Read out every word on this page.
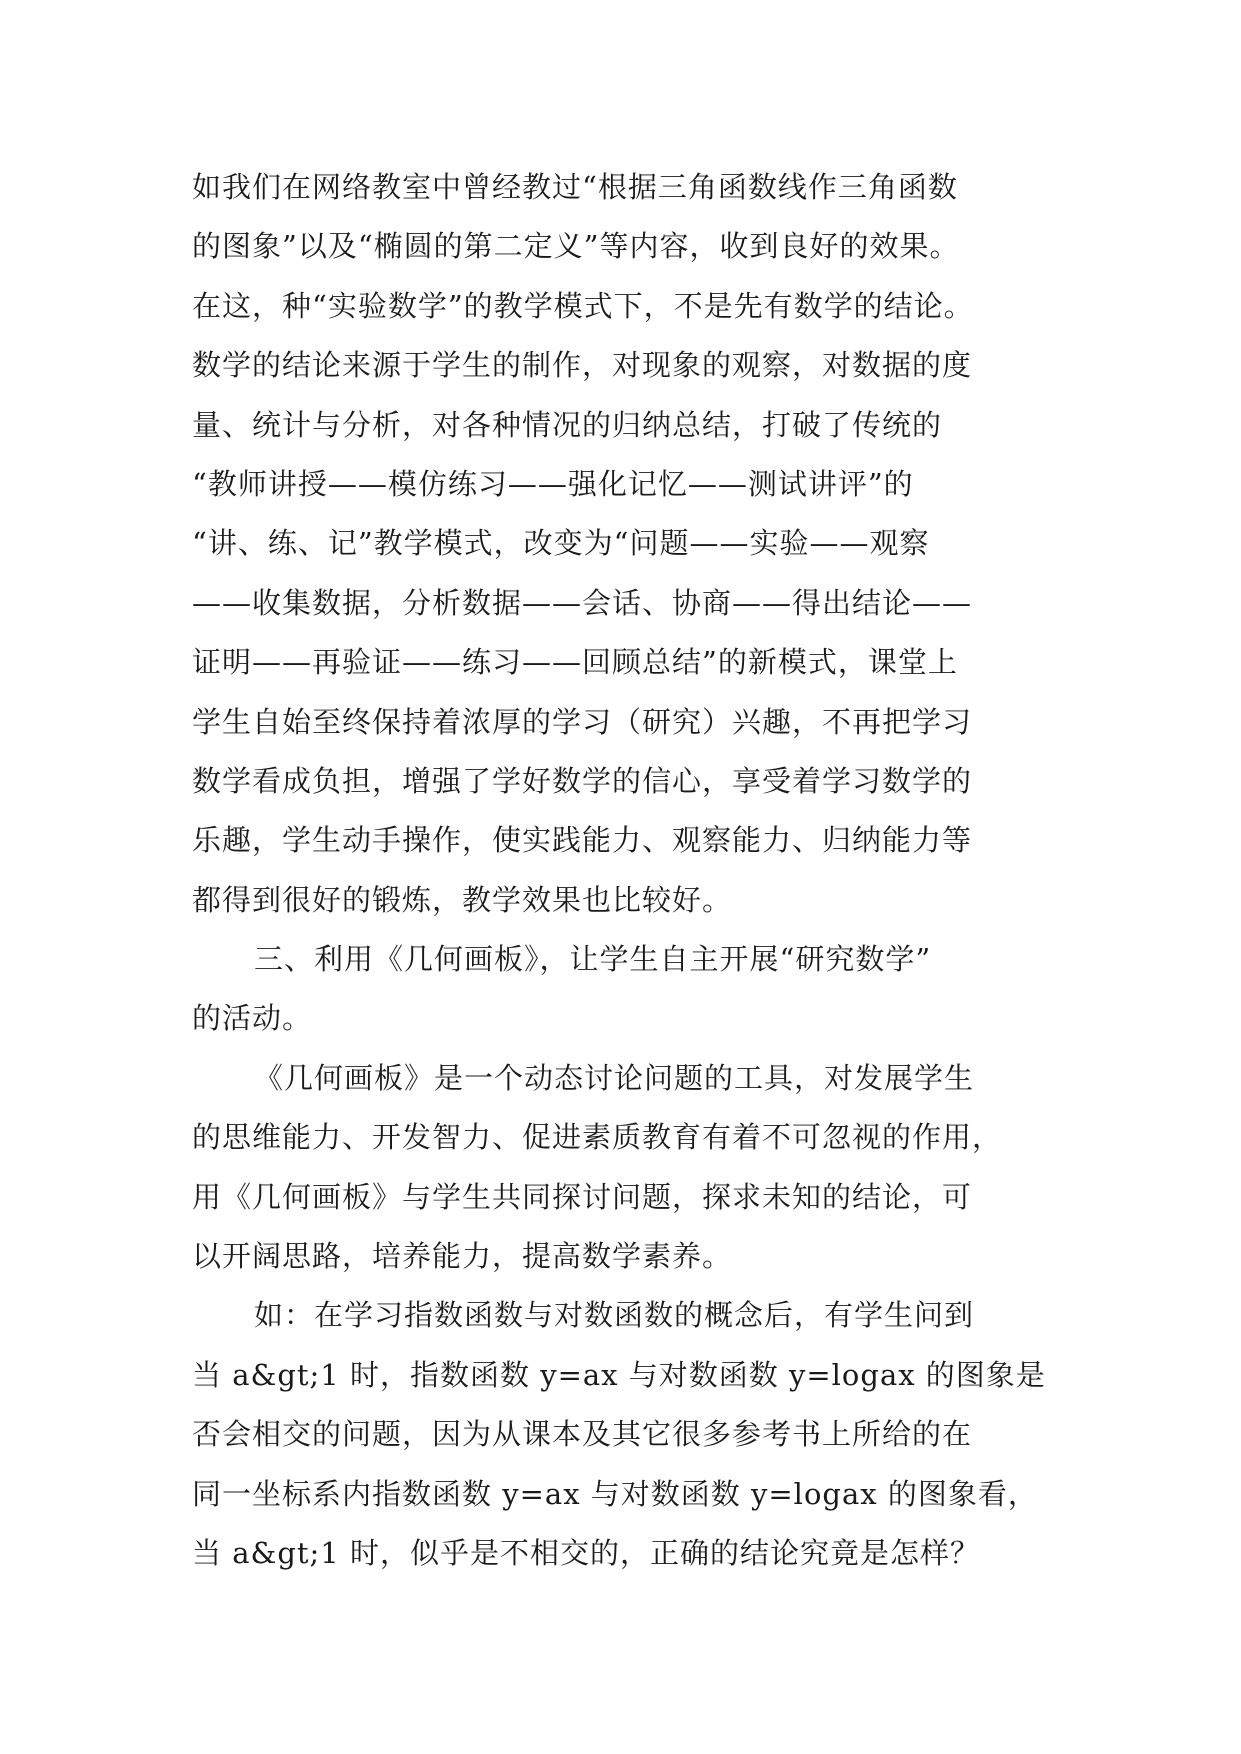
如我们在网络教室中曾经教过“根据三角函数线作三角函数
的图象”以及“椭圆的第二定义”等内容，收到良好的效果。
在这，种“实验数学”的教学模式下，不是先有数学的结论。
数学的结论来源于学生的制作，对现象的观察，对数据的度
量、统计与分析，对各种情况的归纳总结，打破了传统的
“教师讲授——模仿练习——强化记忆——测试讲评”的
“讲、练、记”教学模式，改变为“问题——实验——观察
——收集数据，分析数据——会话、协商——得出结论——
证明——再验证——练习——回顾总结”的新模式，课堂上
学生自始至终保持着浓厚的学习（研究）兴趣，不再把学习
数学看成负担，增强了学好数学的信心，享受着学习数学的
乐趣，学生动手操作，使实践能力、观察能力、归纳能力等
都得到很好的锻炼，教学效果也比较好。
三、利用《几何画板》，让学生自主开展“研究数学”
的活动。
《几何画板》是一个动态讨论问题的工具，对发展学生
的思维能力、开发智力、促进素质教育有着不可忽视的作用，
用《几何画板》与学生共同探讨问题，探求未知的结论，可
以开阔思路，培养能力，提高数学素养。
如：在学习指数函数与对数函数的概念后，有学生问到
当 a&gt;1 时，指数函数 y=ax 与对数函数 y=logax 的图象是
否会相交的问题，因为从课本及其它很多参考书上所给的在
同一坐标系内指数函数 y=ax 与对数函数 y=logax 的图象看，
当 a&gt;1 时，似乎是不相交的，正确的结论究竟是怎样？
